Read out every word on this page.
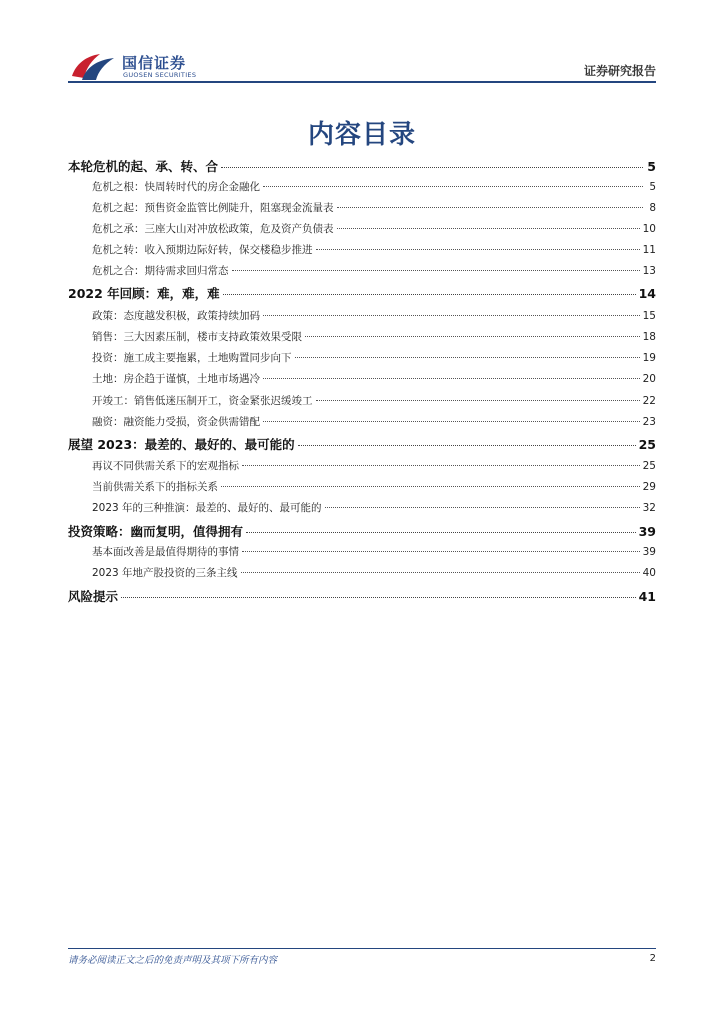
国信证券
GUOSEN SECURITIES	证券研究报告
内容目录
本轮危机的起、承、转、合	5
危机之根：快周转时代的房企金融化	5
危机之起：预售资金监管比例陡升，阻塞现金流量表	8
危机之承：三座大山对冲放松政策，危及资产负债表	10
危机之转：收入预期边际好转，保交楼稳步推进	11
危机之合：期待需求回归常态	13
2022 年回顾：难，难，难	14
政策：态度越发积极，政策持续加码	15
销售：三大因素压制，楼市支持政策效果受限	18
投资：施工成主要拖累，土地购置同步向下	19
土地：房企趋于谨慎，土地市场遇冷	20
开竣工：销售低迷压制开工，资金紧张迟缓竣工	22
融资：融资能力受损，资金供需错配	23
展望 2023：最差的、最好的、最可能的	25
再议不同供需关系下的宏观指标	25
当前供需关系下的指标关系	29
2023 年的三种推演：最差的、最好的、最可能的	32
投资策略：幽而复明，值得拥有	39
基本面改善是最值得期待的事情	39
2023 年地产股投资的三条主线	40
风险提示	41
请务必阅读正文之后的免责声明及其项下所有内容	2
